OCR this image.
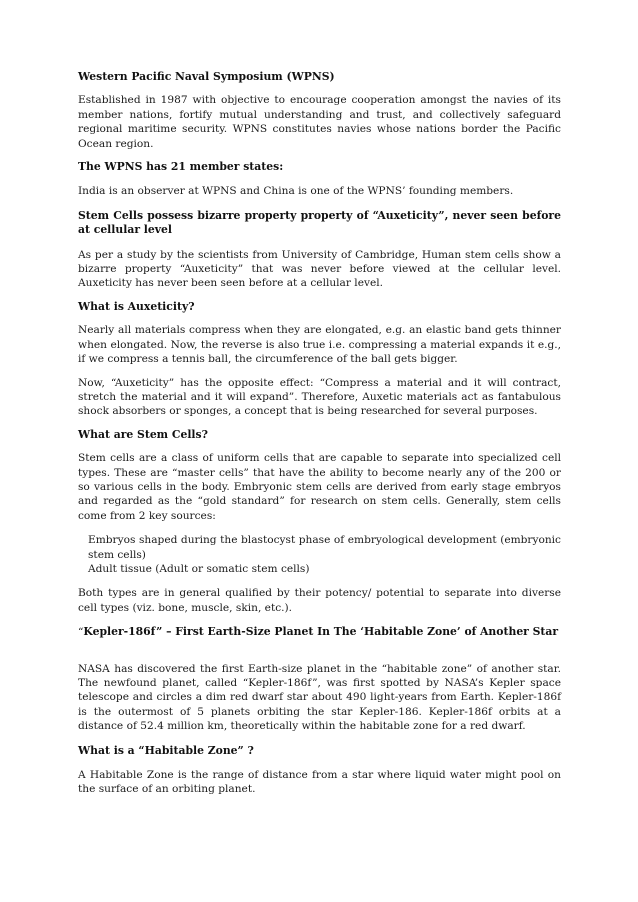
Western Pacific Naval Symposium (WPNS)

Established in 1987 with objective to encourage cooperation amongst the navies of its member nations, fortify mutual understanding and trust, and collectively safeguard regional maritime security. WPNS constitutes navies whose nations border the Pacific Ocean region.

The WPNS has 21 member states:

India is an observer at WPNS and China is one of the WPNS’ founding members.

Stem Cells possess bizarre property property of “Auxeticity”, never seen before at cellular level

As per a study by the scientists from University of Cambridge, Human stem cells show a bizarre property “Auxeticity” that was never before viewed at the cellular level. Auxeticity has never been seen before at a cellular level.

What is Auxeticity?

Nearly all materials compress when they are elongated, e.g. an elastic band gets thinner when elongated. Now, the reverse is also true i.e. compressing a material expands it e.g., if we compress a tennis ball, the circumference of the ball gets bigger.

Now, “Auxeticity” has the opposite effect: “Compress a material and it will contract, stretch the material and it will expand”. Therefore, Auxetic materials act as fantabulous shock absorbers or sponges, a concept that is being researched for several purposes.

What are Stem Cells?

Stem cells are a class of uniform cells that are capable to separate into specialized cell types. These are “master cells” that have the ability to become nearly any of the 200 or so various cells in the body. Embryonic stem cells are derived from early stage embryos and regarded as the “gold standard” for research on stem cells. Generally, stem cells come from 2 key sources:

Embryos shaped during the blastocyst phase of embryological development (embryonic stem cells)

Adult tissue (Adult or somatic stem cells)

Both types are in general qualified by their potency/ potential to separate into diverse cell types (viz. bone, muscle, skin, etc.).

“Kepler-186f” – First Earth-Size Planet In The ‘Habitable Zone’ of Another Star

NASA has discovered the first Earth-size planet in the “habitable zone” of another star. The newfound planet, called “Kepler-186f”, was first spotted by NASA’s Kepler space telescope and circles a dim red dwarf star about 490 light-years from Earth. Kepler-186f is the outermost of 5 planets orbiting the star Kepler-186. Kepler-186f orbits at a distance of 52.4 million km, theoretically within the habitable zone for a red dwarf.

What is a “Habitable Zone” ?

A Habitable Zone is the range of distance from a star where liquid water might pool on the surface of an orbiting planet.
